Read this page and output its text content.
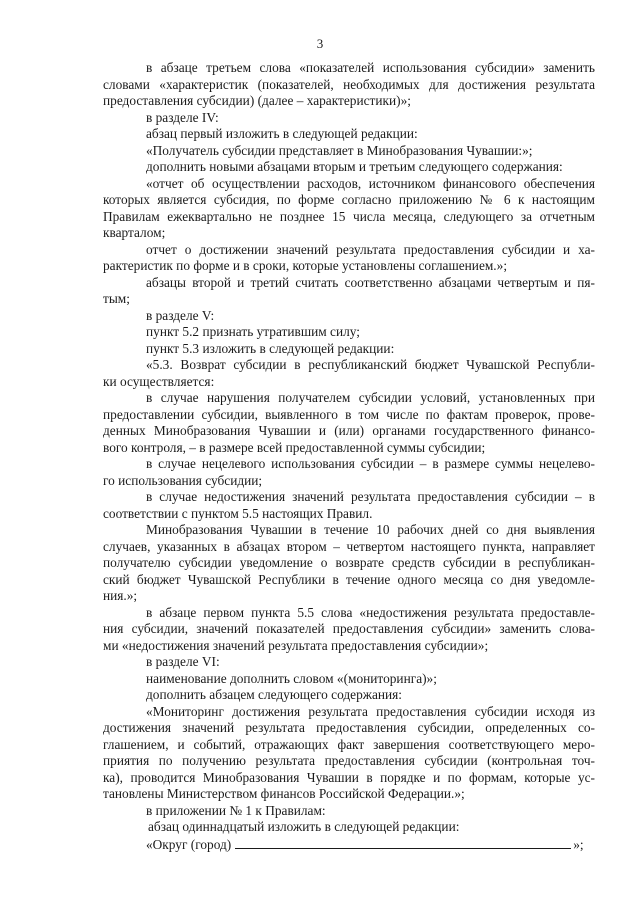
3
в абзаце третьем слова «показателей использования субсидии» заменить
словами «характеристик (показателей, необходимых для достижения результата
предоставления субсидии) (далее – характеристики)»;
в разделе IV:
абзац первый изложить в следующей редакции:
«Получатель субсидии представляет в Минобразования Чувашии:»;
дополнить новыми абзацами вторым и третьим следующего содержания:
«отчет об осуществлении расходов, источником финансового обеспечения
которых является субсидия, по форме согласно приложению № 6 к настоящим
Правилам ежеквартально не позднее 15 числа месяца, следующего за отчетным
кварталом;
отчет о достижении значений результата предоставления субсидии и ха-
рактеристик по форме и в сроки, которые установлены соглашением.»;
абзацы второй и третий считать соответственно абзацами четвертым и пя-
тым;
в разделе V:
пункт 5.2 признать утратившим силу;
пункт 5.3 изложить в следующей редакции:
«5.3. Возврат субсидии в республиканский бюджет Чувашской Республи-
ки осуществляется:
в случае нарушения получателем субсидии условий, установленных при
предоставлении субсидии, выявленного в том числе по фактам проверок, прове-
денных Минобразования Чувашии и (или) органами государственного финансо-
вого контроля, – в размере всей предоставленной суммы субсидии;
в случае нецелевого использования субсидии – в размере суммы нецелево-
го использования субсидии;
в случае недостижения значений результата предоставления субсидии – в
соответствии с пунктом 5.5 настоящих Правил.
Минобразования Чувашии в течение 10 рабочих дней со дня выявления
случаев, указанных в абзацах втором – четвертом настоящего пункта, направляет
получателю субсидии уведомление о возврате средств субсидии в республикан-
ский бюджет Чувашской Республики в течение одного месяца со дня уведомле-
ния.»;
в абзаце первом пункта 5.5 слова «недостижения результата предоставле-
ния субсидии, значений показателей предоставления субсидии» заменить слова-
ми «недостижения значений результата предоставления субсидии»;
в разделе VI:
наименование дополнить словом «(мониторинга)»;
дополнить абзацем следующего содержания:
«Мониторинг достижения результата предоставления субсидии исходя из
достижения значений результата предоставления субсидии, определенных со-
глашением, и событий, отражающих факт завершения соответствующего меро-
приятия по получению результата предоставления субсидии (контрольная точ-
ка), проводится Минобразования Чувашии в порядке и по формам, которые ус-
тановлены Министерством финансов Российской Федерации.»;
в приложении № 1 к Правилам:
абзац одиннадцатый изложить в следующей редакции:
«Округ (город)	»;
